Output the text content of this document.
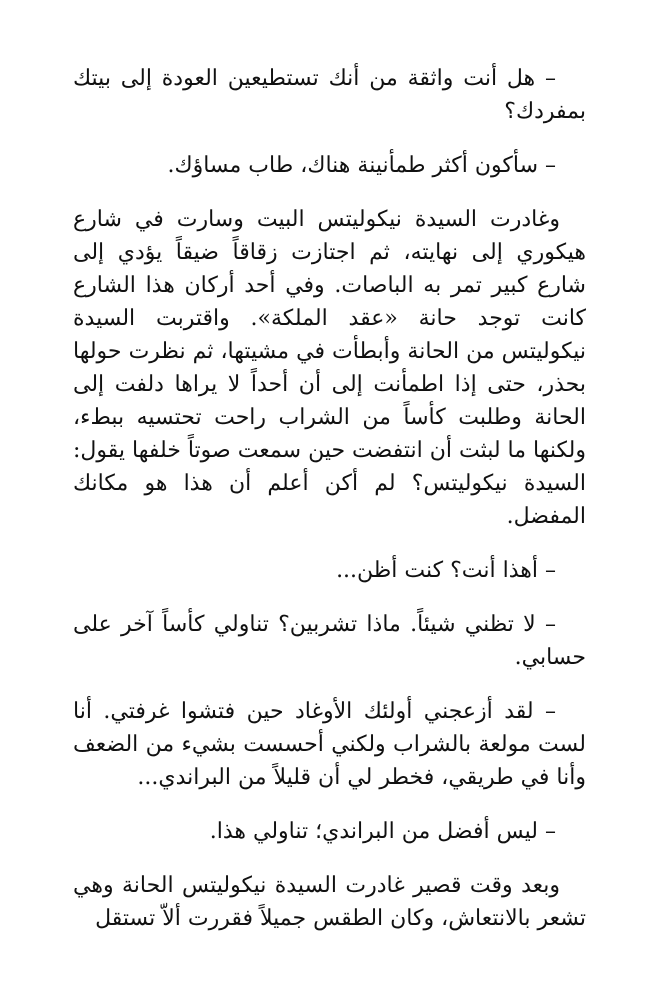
– هل أنت واثقة من أنك تستطيعين العودة إلى بيتك بمفردك؟

– سأكون أكثر طمأنينة هناك، طاب مساؤك.

وغادرت السيدة نيكوليتس البيت وسارت في شارع هيكوري إلى نهايته، ثم اجتازت زقاقاً ضيقاً يؤدي إلى شارع كبير تمر به الباصات. وفي أحد أركان هذا الشارع كانت توجد حانة «عقد الملكة». واقتربت السيدة نيكوليتس من الحانة وأبطأت في مشيتها، ثم نظرت حولها بحذر، حتى إذا اطمأنت إلى أن أحداً لا يراها دلفت إلى الحانة وطلبت كأساً من الشراب راحت تحتسيه ببطء، ولكنها ما لبثت أن انتفضت حين سمعت صوتاً خلفها يقول: السيدة نيكوليتس؟ لم أكن أعلم أن هذا هو مكانك المفضل.

– أهذا أنت؟ كنت أظن...

– لا تظني شيئاً. ماذا تشربين؟ تناولي كأساً آخر على حسابي.

– لقد أزعجني أولئك الأوغاد حين فتشوا غرفتي. أنا لست مولعة بالشراب ولكني أحسست بشيء من الضعف وأنا في طريقي، فخطر لي أن قليلاً من البراندي...

– ليس أفضل من البراندي؛ تناولي هذا.

وبعد وقت قصير غادرت السيدة نيكوليتس الحانة وهي تشعر بالانتعاش، وكان الطقس جميلاً فقررت ألاّ تستقل
